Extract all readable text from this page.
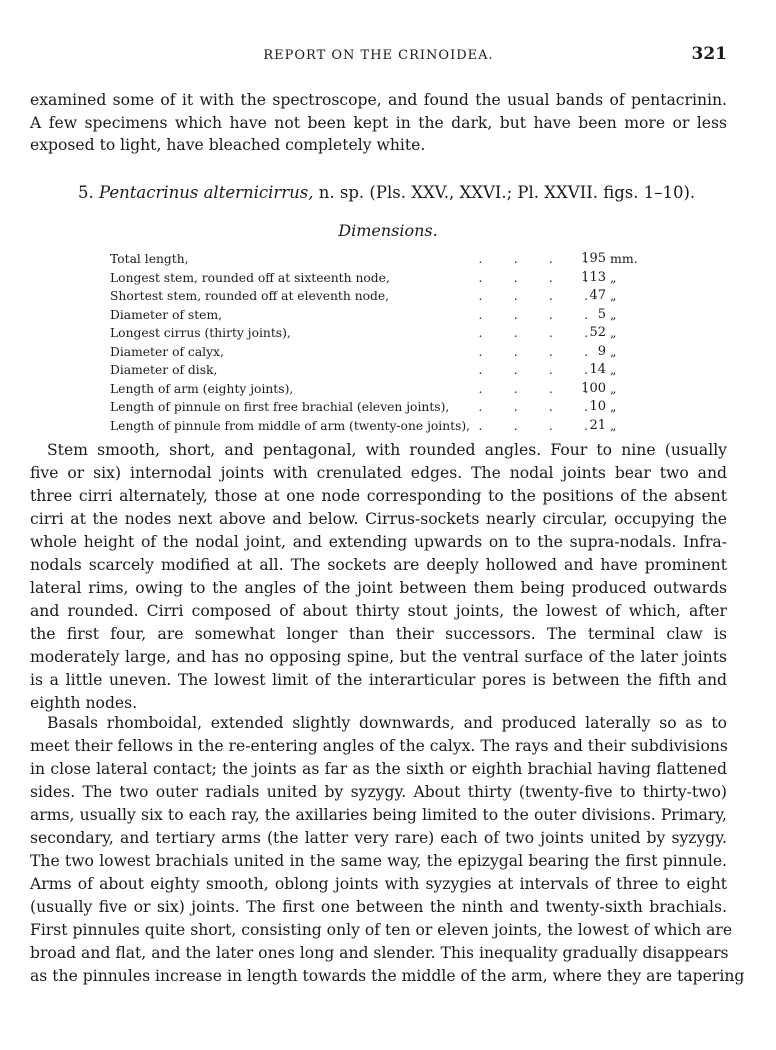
REPORT ON THE CRINOIDEA.	321
examined some of it with the spectroscope, and found the usual bands of pentacrinin.
A few specimens which have not been kept in the dark, but have been more or less
exposed to light, have bleached completely white.
5. Pentacrinus alternicirrus, n. sp. (Pls. XXV., XXVI.; Pl. XXVII. figs. 1–10).
Dimensions.
.        .        .        .
Total length,	195 mm.
.        .        .        .
Longest stem, rounded off at sixteenth node,	113 „
.        .        .        .
Shortest stem, rounded off at eleventh node,	47 „
.        .        .        .
Diameter of stem,	5 „
.        .        .        .
Longest cirrus (thirty joints),	52 „
.        .        .        .
Diameter of calyx,	9 „
.        .        .        .
Diameter of disk,	14 „
.        .        .        .
Length of arm (eighty joints),	100 „
.        .        .        .
Length of pinnule on first free brachial (eleven joints),	10 „
.        .        .        .
Length of pinnule from middle of arm (twenty-one joints),	21 „
Stem smooth, short, and pentagonal, with rounded angles. Four to nine (usually
five or six) internodal joints with crenulated edges. The nodal joints bear two and
three cirri alternately, those at one node corresponding to the positions of the absent
cirri at the nodes next above and below. Cirrus-sockets nearly circular, occupying the
whole height of the nodal joint, and extending upwards on to the supra-nodals. Infra-
nodals scarcely modified at all. The sockets are deeply hollowed and have prominent
lateral rims, owing to the angles of the joint between them being produced outwards
and rounded. Cirri composed of about thirty stout joints, the lowest of which, after
the first four, are somewhat longer than their successors. The terminal claw is
moderately large, and has no opposing spine, but the ventral surface of the later joints
is a little uneven. The lowest limit of the interarticular pores is between the fifth and
eighth nodes.
Basals rhomboidal, extended slightly downwards, and produced laterally so as to
meet their fellows in the re-entering angles of the calyx. The rays and their subdivisions
in close lateral contact; the joints as far as the sixth or eighth brachial having flattened
sides. The two outer radials united by syzygy. About thirty (twenty-five to thirty-two)
arms, usually six to each ray, the axillaries being limited to the outer divisions. Primary,
secondary, and tertiary arms (the latter very rare) each of two joints united by syzygy.
The two lowest brachials united in the same way, the epizygal bearing the first pinnule.
Arms of about eighty smooth, oblong joints with syzygies at intervals of three to eight
(usually five or six) joints. The first one between the ninth and twenty-sixth brachials.
First pinnules quite short, consisting only of ten or eleven joints, the lowest of which are
broad and flat, and the later ones long and slender. This inequality gradually disappears
as the pinnules increase in length towards the middle of the arm, where they are tapering
